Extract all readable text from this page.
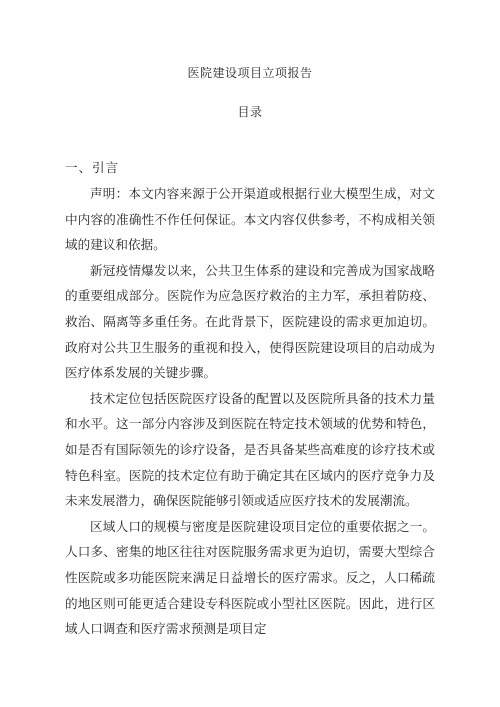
医院建设项目立项报告
目录
一、引言

声明：本文内容来源于公开渠道或根据行业大模型生成，对文中内容的准确性不作任何保证。本文内容仅供参考，不构成相关领域的建议和依据。

新冠疫情爆发以来，公共卫生体系的建设和完善成为国家战略的重要组成部分。医院作为应急医疗救治的主力军，承担着防疫、救治、隔离等多重任务。在此背景下，医院建设的需求更加迫切。政府对公共卫生服务的重视和投入，使得医院建设项目的启动成为医疗体系发展的关键步骤。

技术定位包括医院医疗设备的配置以及医院所具备的技术力量和水平。这一部分内容涉及到医院在特定技术领域的优势和特色，如是否有国际领先的诊疗设备，是否具备某些高难度的诊疗技术或特色科室。医院的技术定位有助于确定其在区域内的医疗竞争力及未来发展潜力，确保医院能够引领或适应医疗技术的发展潮流。

区域人口的规模与密度是医院建设项目定位的重要依据之一。人口多、密集的地区往往对医院服务需求更为迫切，需要大型综合性医院或多功能医院来满足日益增长的医疗需求。反之，人口稀疏的地区则可能更适合建设专科医院或小型社区医院。因此，进行区域人口调查和医疗需求预测是项目定
